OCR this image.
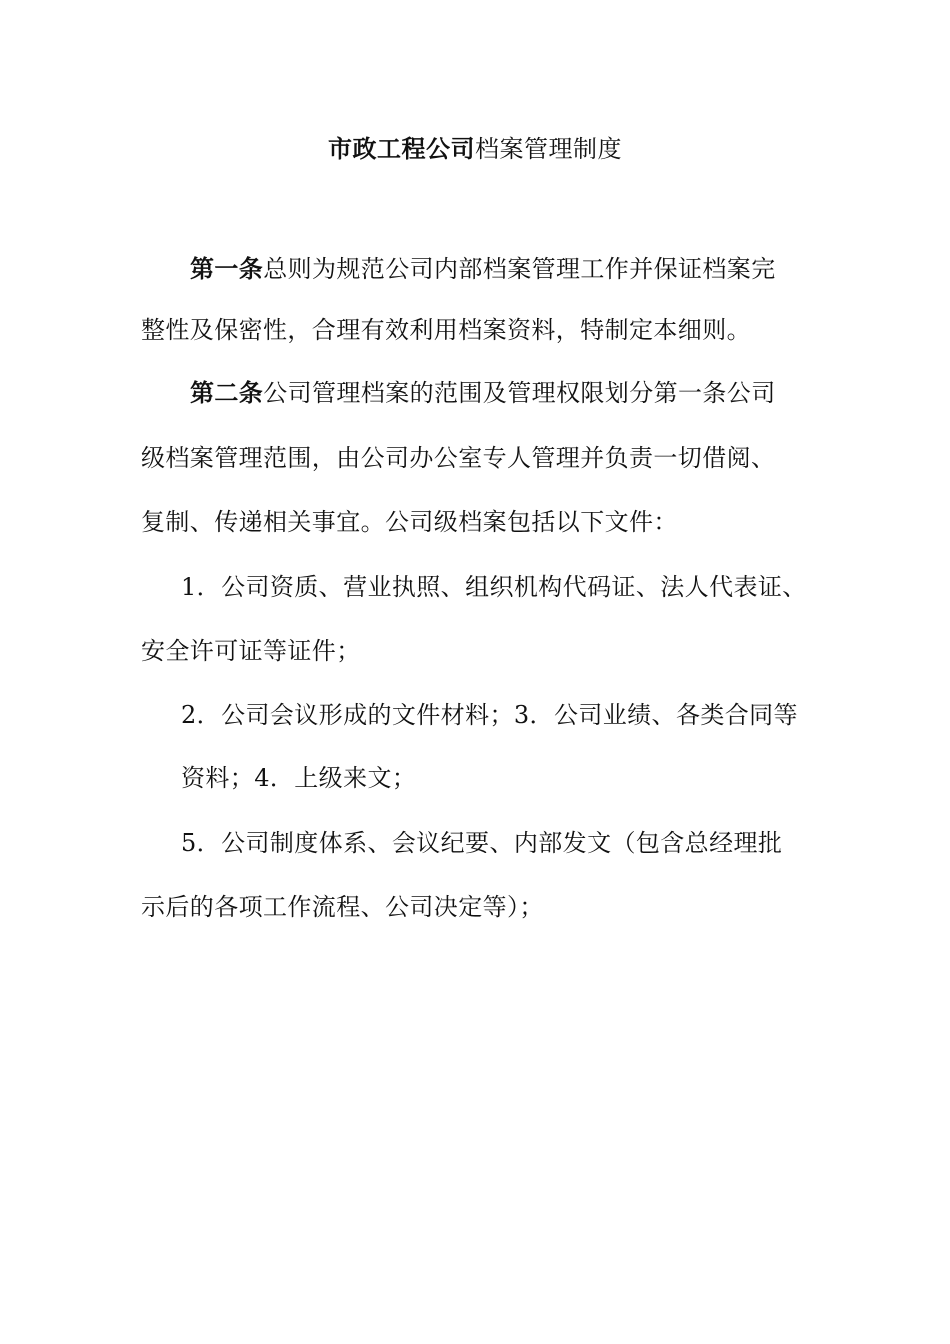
市政工程公司档案管理制度
第一条总则为规范公司内部档案管理工作并保证档案完
整性及保密性，合理有效利用档案资料，特制定本细则。
第二条公司管理档案的范围及管理权限划分第一条公司
级档案管理范围，由公司办公室专人管理并负责一切借阅、
复制、传递相关事宜。公司级档案包括以下文件：
1．公司资质、营业执照、组织机构代码证、法人代表证、
安全许可证等证件；
2．公司会议形成的文件材料；3．公司业绩、各类合同等
资料；4．上级来文；
5．公司制度体系、会议纪要、内部发文（包含总经理批
示后的各项工作流程、公司决定等）；
